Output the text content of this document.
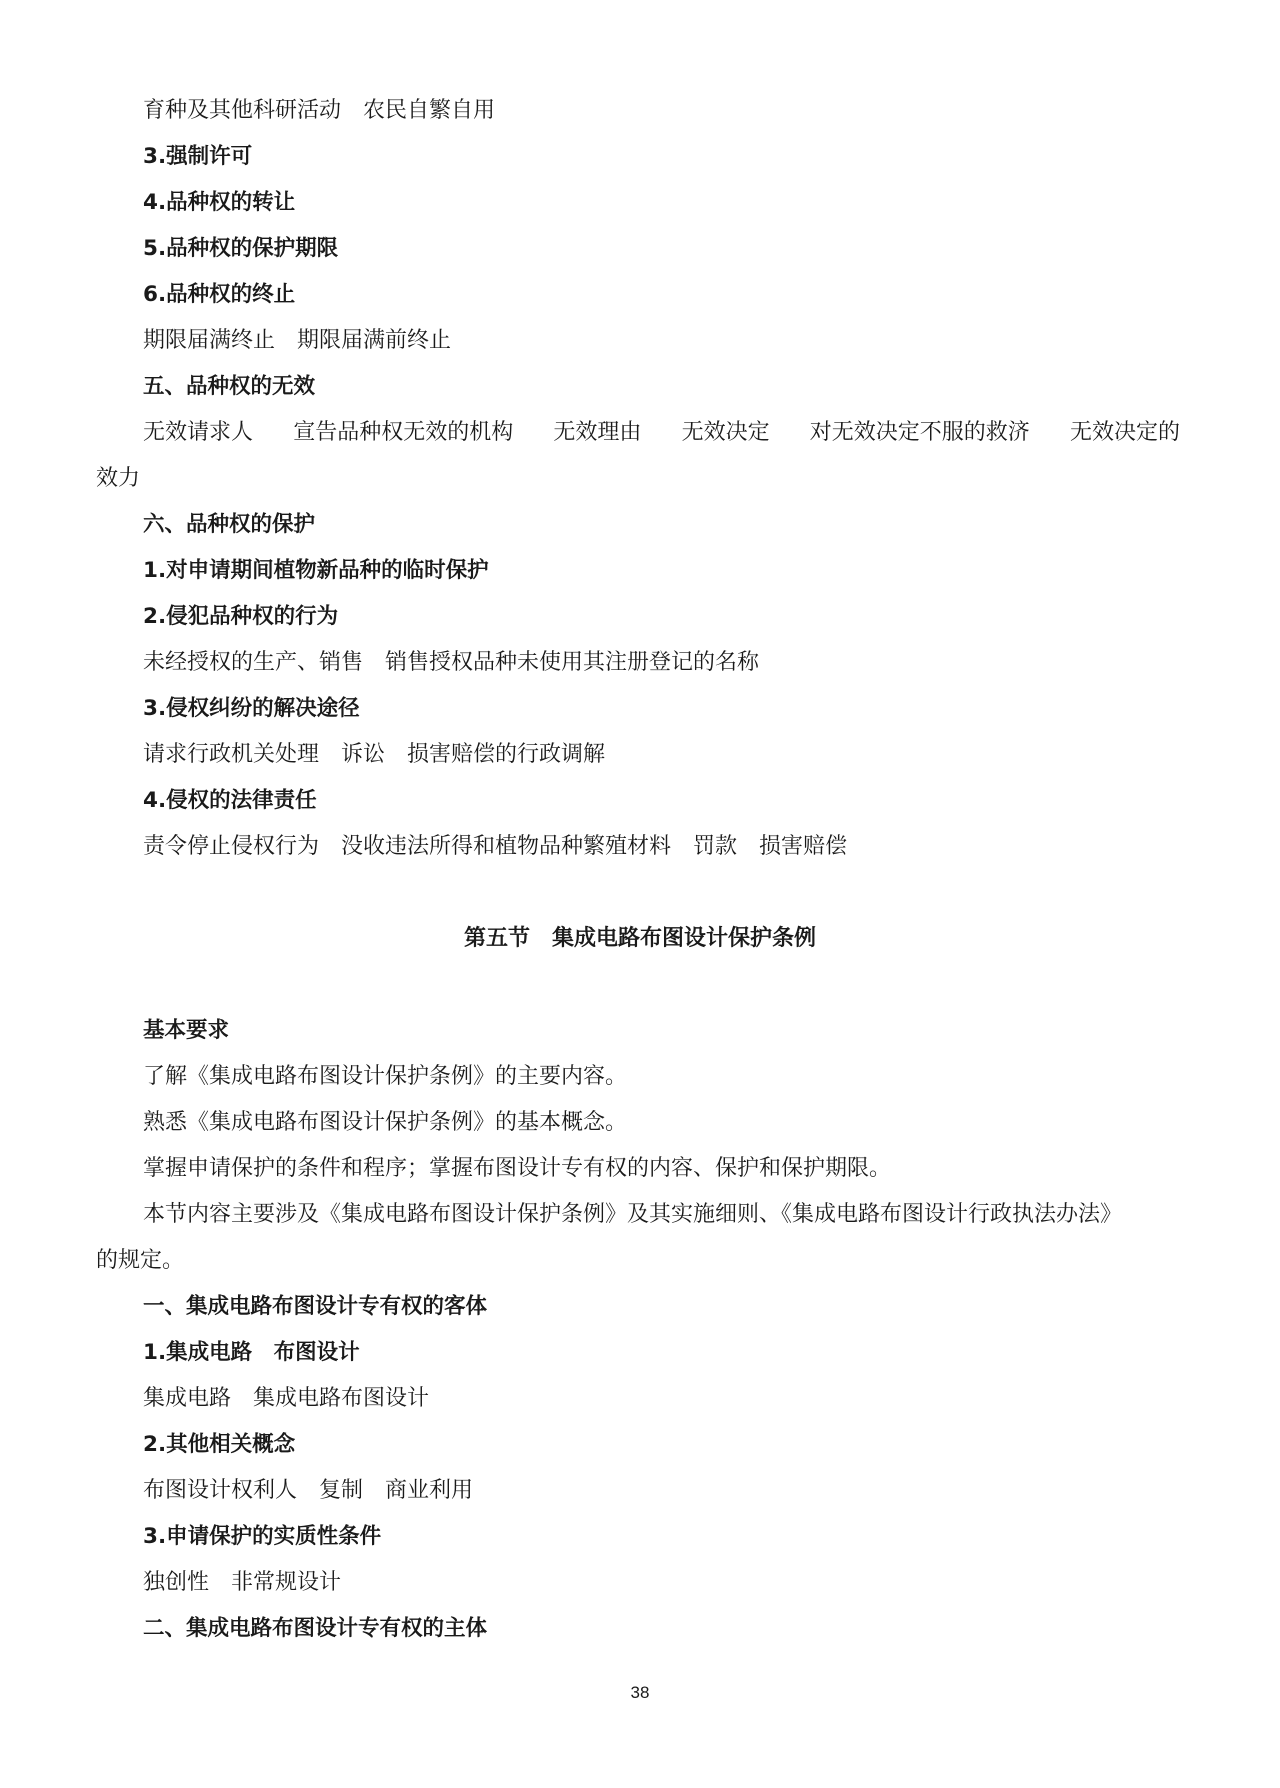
育种及其他科研活动　农民自繁自用
3.强制许可
4.品种权的转让
5.品种权的保护期限
6.品种权的终止
期限届满终止　期限届满前终止
五、品种权的无效
无效请求人 宣告品种权无效的机构 无效理由 无效决定 对无效决定不服的救济 无效决定的
效力
六、品种权的保护
1.对申请期间植物新品种的临时保护
2.侵犯品种权的行为
未经授权的生产、销售　销售授权品种未使用其注册登记的名称
3.侵权纠纷的解决途径
请求行政机关处理　诉讼　损害赔偿的行政调解
4.侵权的法律责任
责令停止侵权行为　没收违法所得和植物品种繁殖材料　罚款　损害赔偿
第五节　集成电路布图设计保护条例
基本要求
了解《集成电路布图设计保护条例》的主要内容。
熟悉《集成电路布图设计保护条例》的基本概念。
掌握申请保护的条件和程序；掌握布图设计专有权的内容、保护和保护期限。
本节内容主要涉及《集成电路布图设计保护条例》及其实施细则、《集成电路布图设计行政执法办法》
的规定。
一、集成电路布图设计专有权的客体
1.集成电路　布图设计
集成电路　集成电路布图设计
2.其他相关概念
布图设计权利人　复制　商业利用
3.申请保护的实质性条件
独创性　非常规设计
二、集成电路布图设计专有权的主体
38
